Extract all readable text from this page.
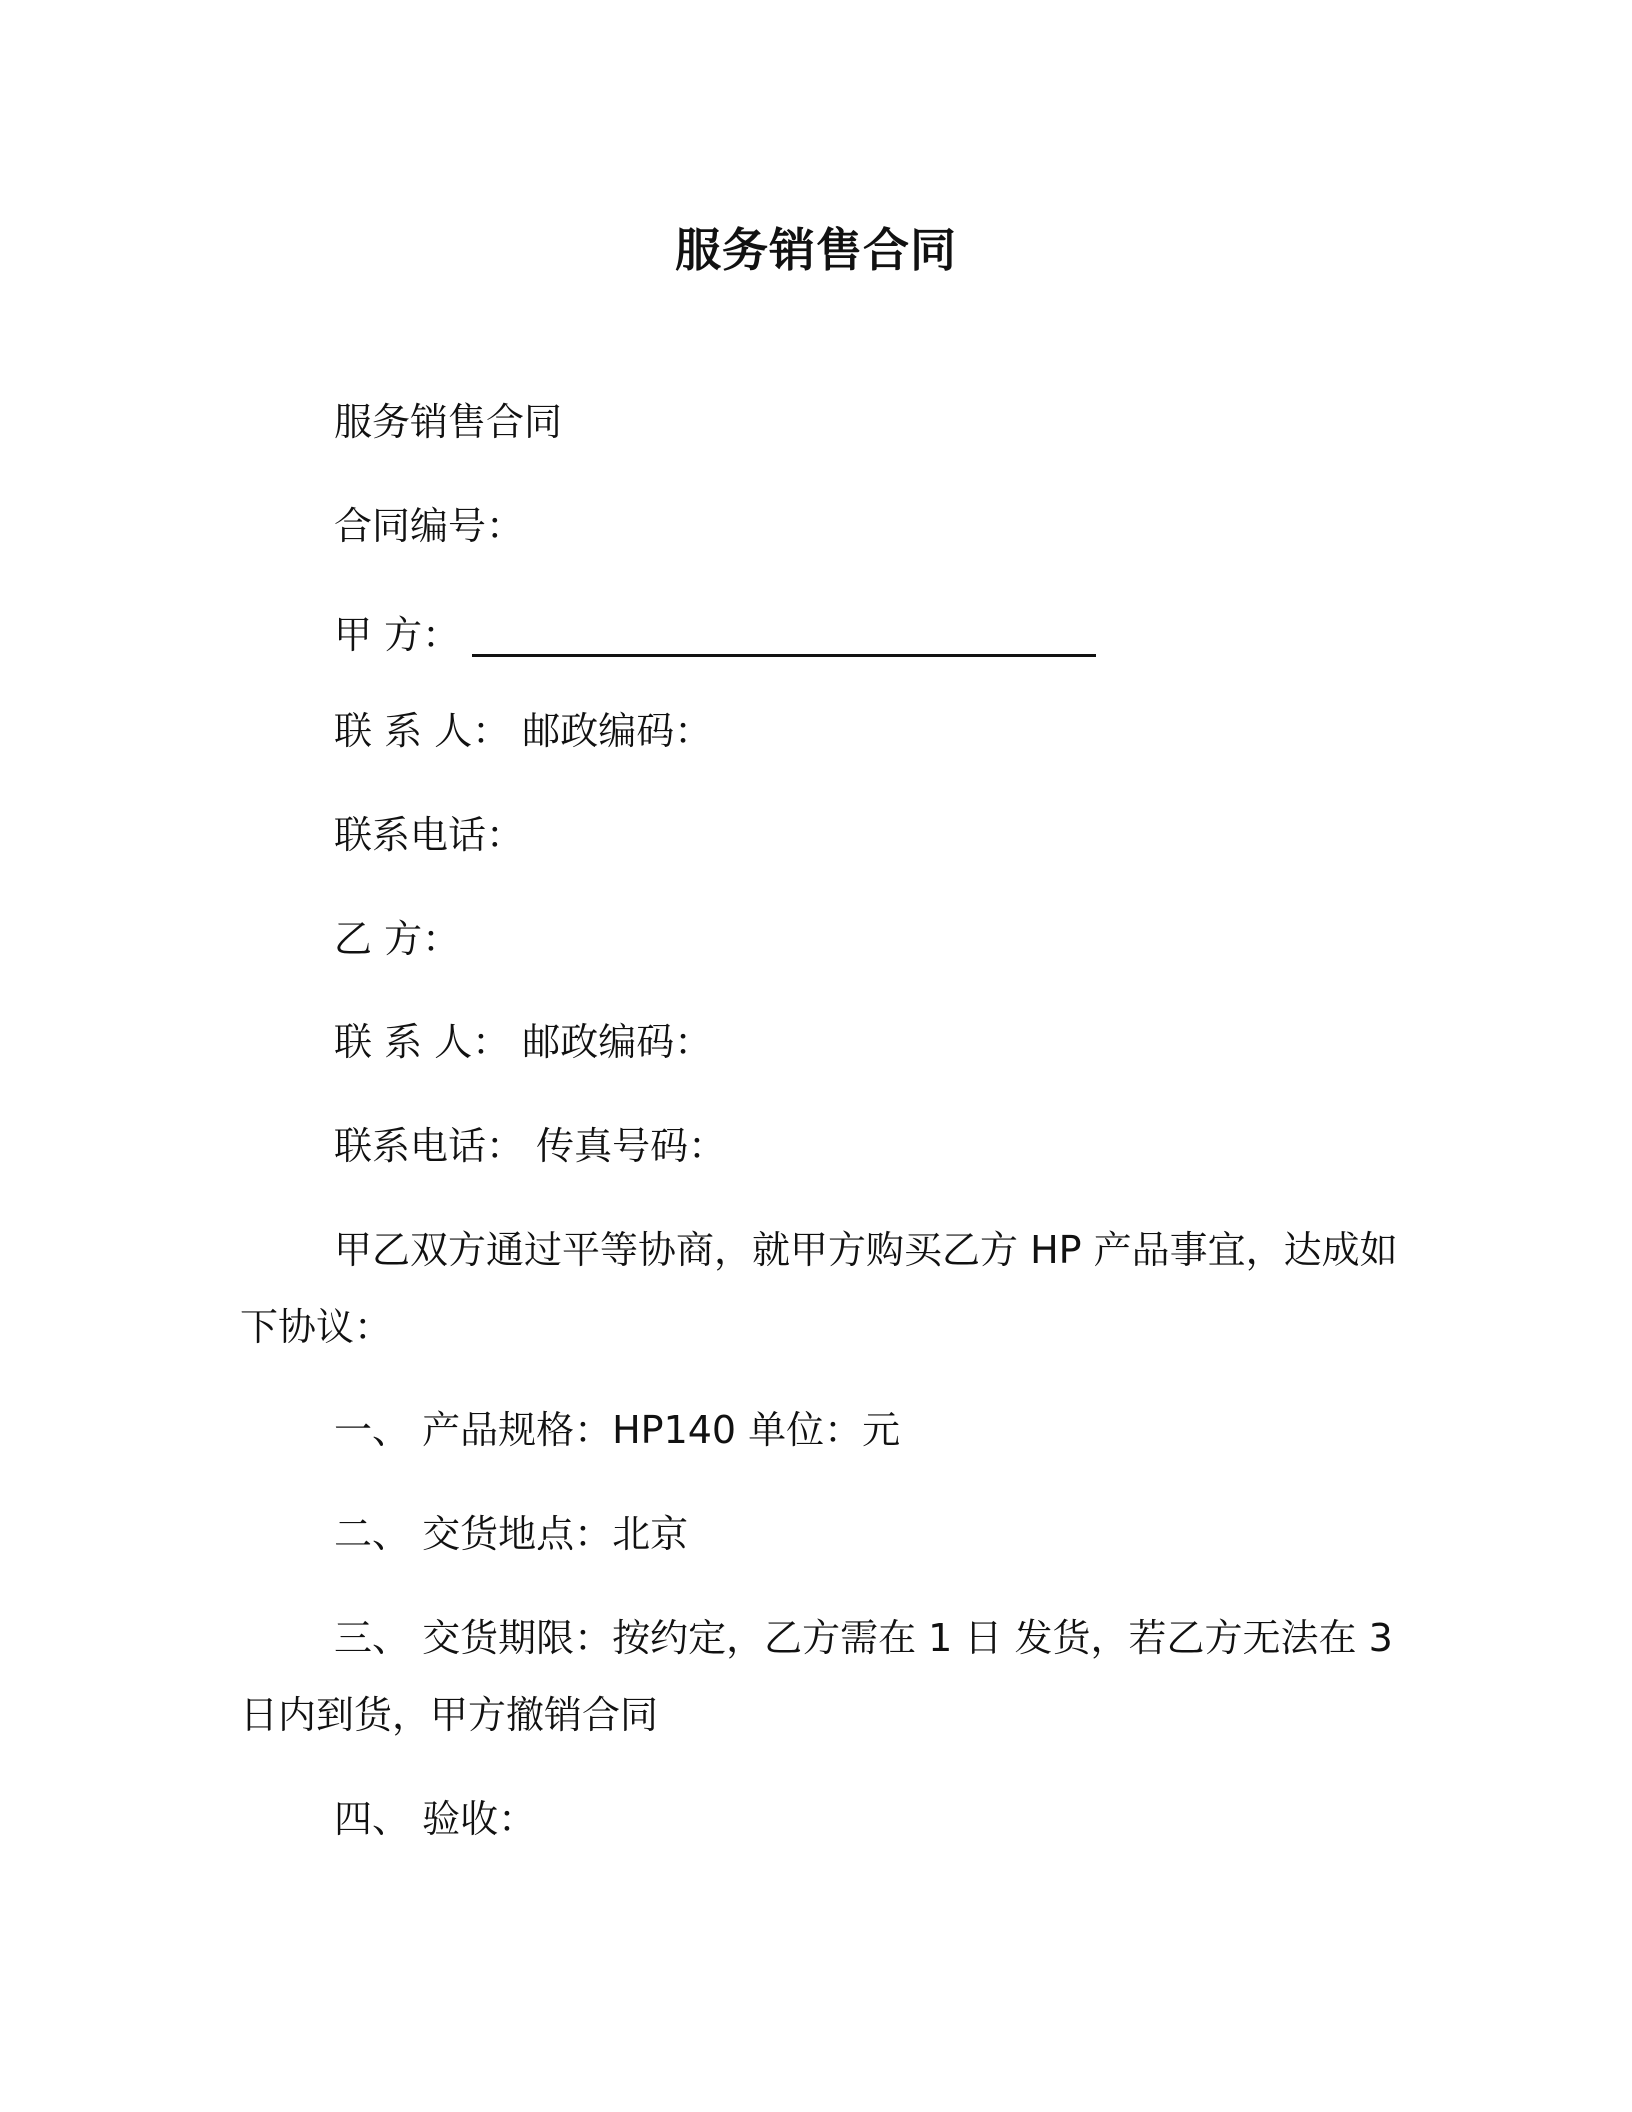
服务销售合同
服务销售合同
合同编号：
甲 方：
联 系 人： 邮政编码：
联系电话：
乙 方：
联 系 人： 邮政编码：
联系电话： 传真号码：
甲乙双方通过平等协商，就甲方购买乙方 HP 产品事宜，达成如
下协议：
一、 产品规格：HP140 单位：元
二、 交货地点：北京
三、 交货期限：按约定，乙方需在 1 日 发货，若乙方无法在 3
日内到货，甲方撤销合同
四、 验收：
